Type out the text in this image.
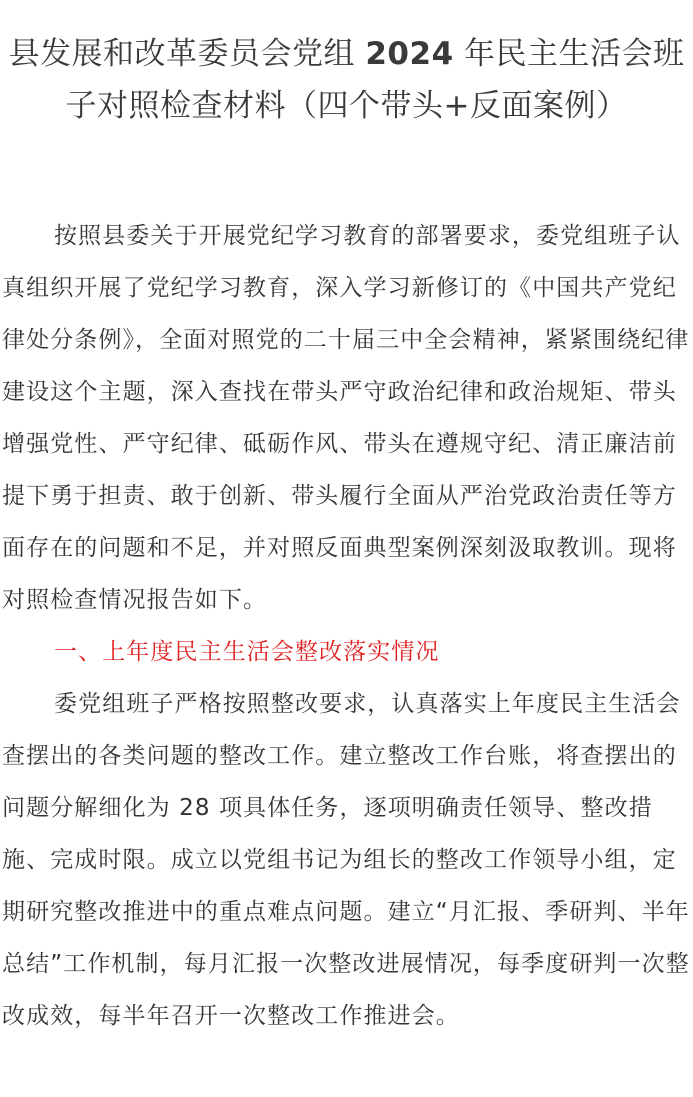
县发展和改革委员会党组 2024 年民主生活会班子对照检查材料（四个带头+反面案例）

按照县委关于开展党纪学习教育的部署要求，委党组班子认真组织开展了党纪学习教育，深入学习新修订的《中国共产党纪律处分条例》，全面对照党的二十届三中全会精神，紧紧围绕纪律建设这个主题，深入查找在带头严守政治纪律和政治规矩、带头增强党性、严守纪律、砥砺作风、带头在遵规守纪、清正廉洁前提下勇于担责、敢于创新、带头履行全面从严治党政治责任等方面存在的问题和不足，并对照反面典型案例深刻汲取教训。现将对照检查情况报告如下。

一、上年度民主生活会整改落实情况

委党组班子严格按照整改要求，认真落实上年度民主生活会查摆出的各类问题的整改工作。建立整改工作台账，将查摆出的问题分解细化为 28 项具体任务，逐项明确责任领导、整改措施、完成时限。成立以党组书记为组长的整改工作领导小组，定期研究整改推进中的重点难点问题。建立“月汇报、季研判、半年总结”工作机制，每月汇报一次整改进展情况，每季度研判一次整改成效，每半年召开一次整改工作推进会。
